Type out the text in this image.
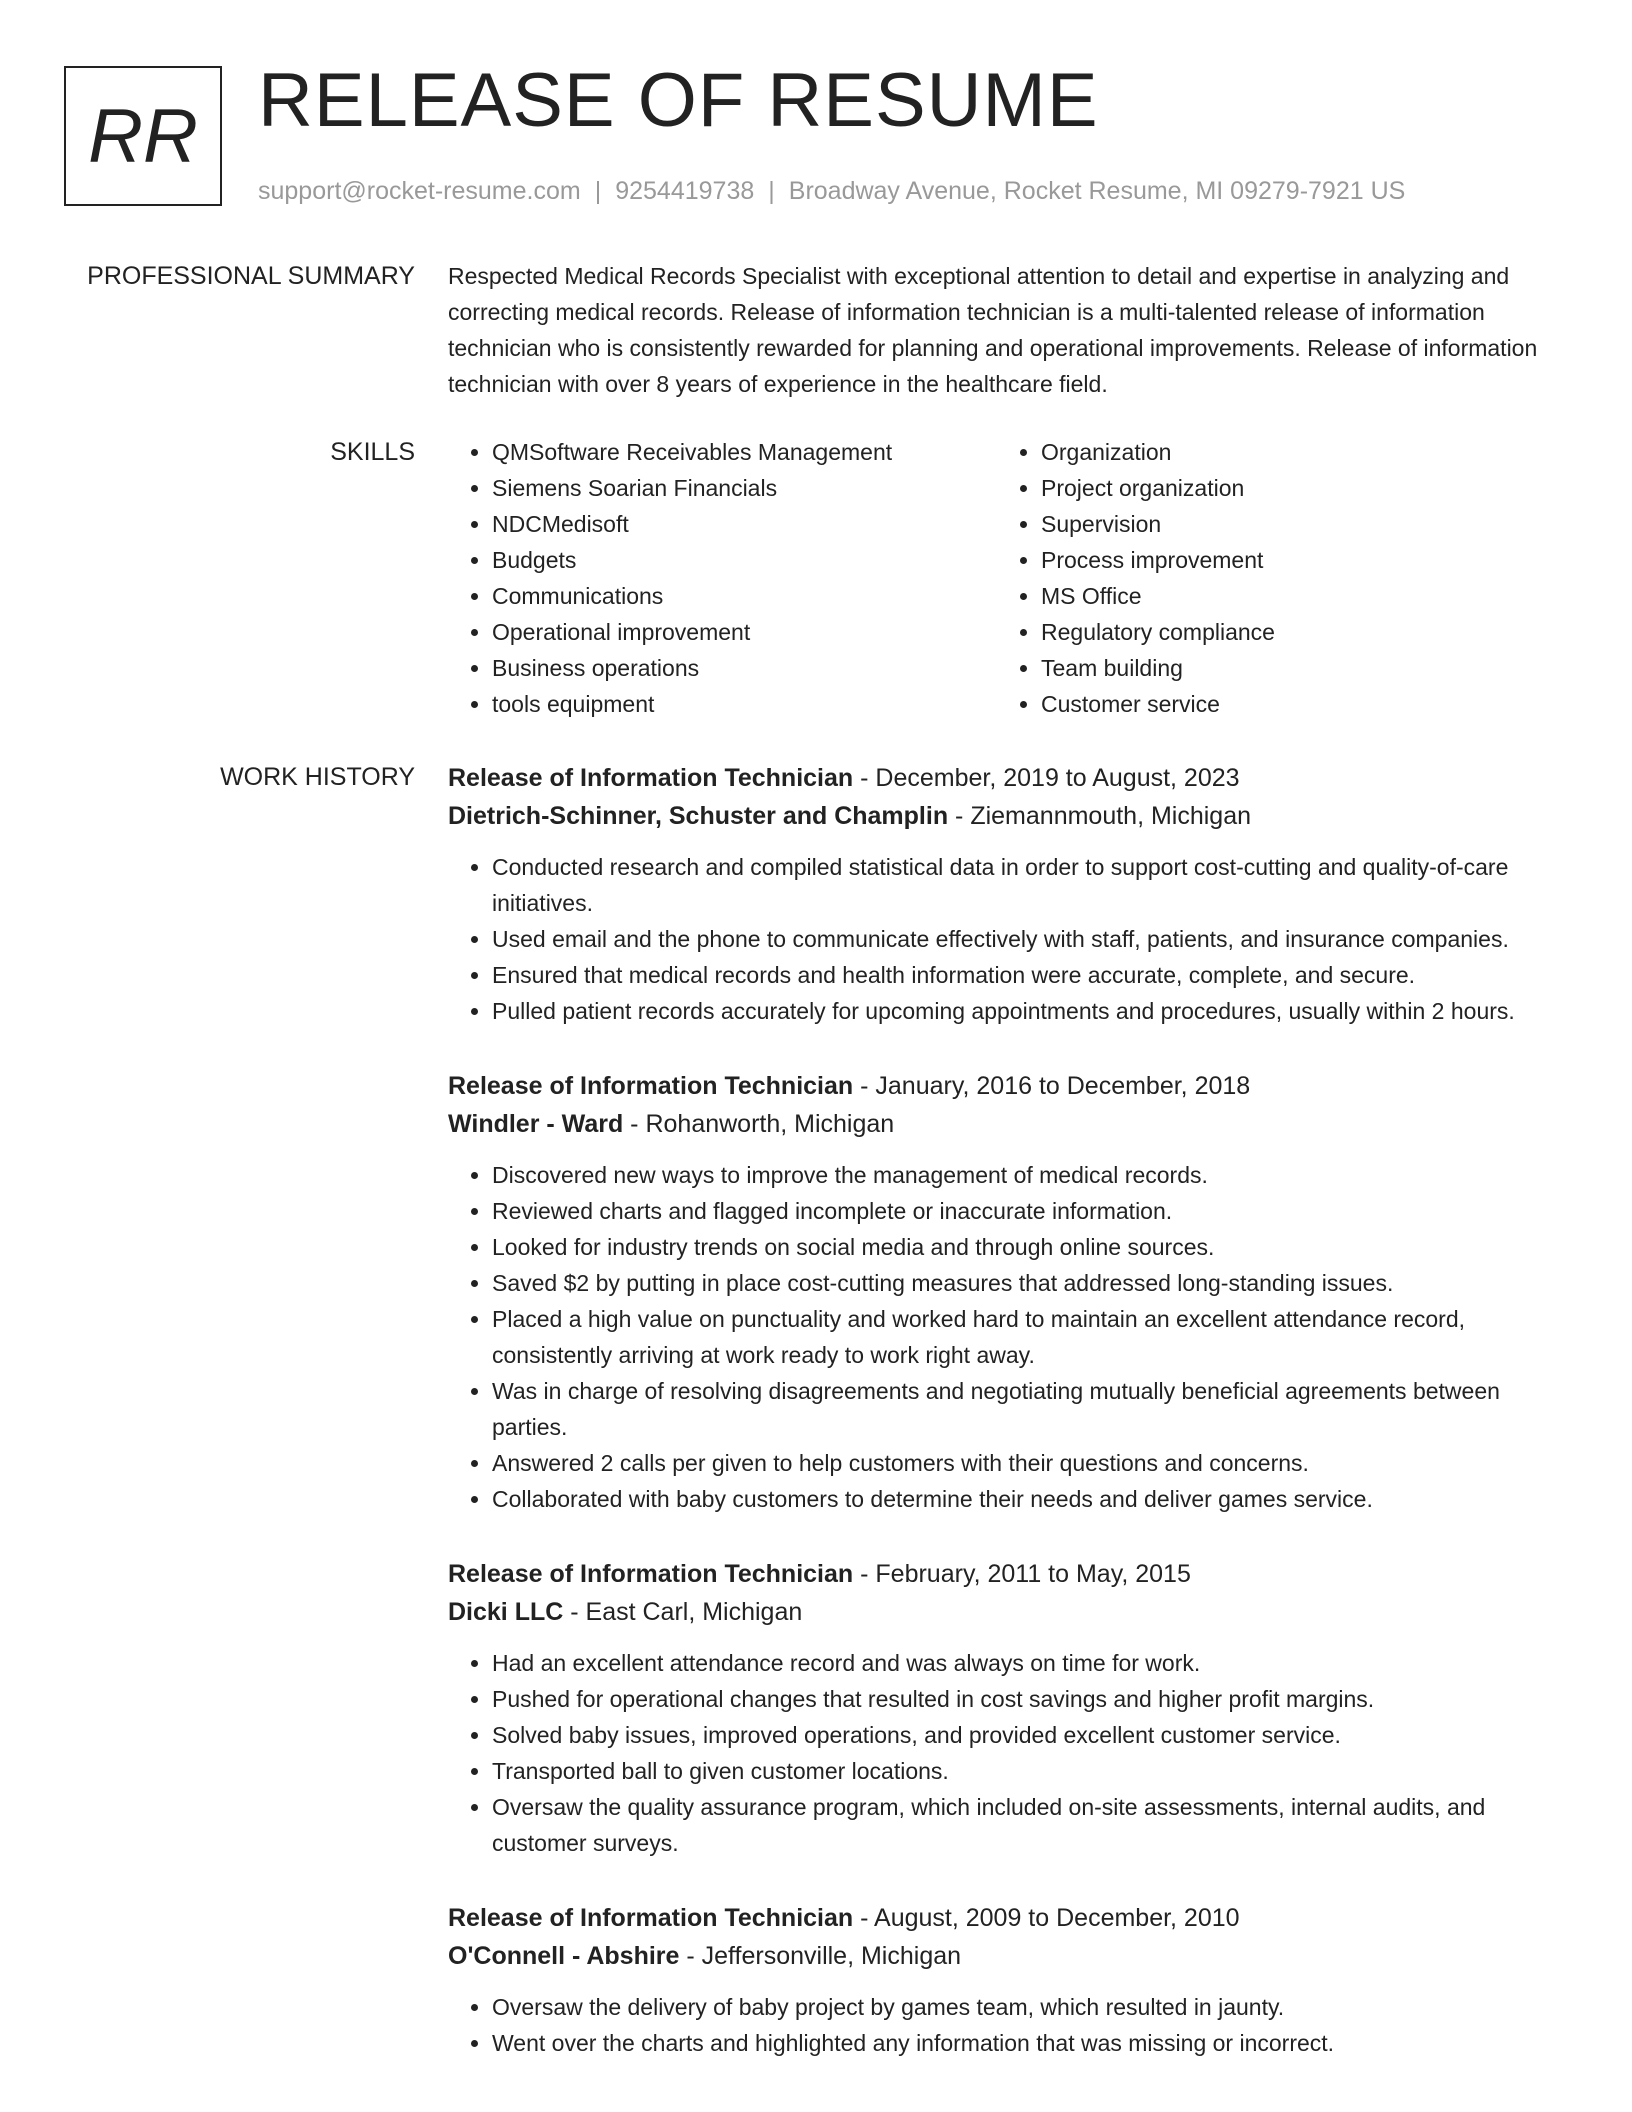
RR RELEASE OF RESUME
support@rocket-resume.com | 9254419738 | Broadway Avenue, Rocket Resume, MI 09279-7921 US
PROFESSIONAL SUMMARY Respected Medical Records Specialist with exceptional attention to detail and expertise in analyzing and correcting medical records. Release of information technician is a multi-talented release of information technician who is consistently rewarded for planning and operational improvements. Release of information technician with over 8 years of experience in the healthcare field.

SKILLS
•	QMSoftware Receivables Management
• Siemens Soarian Financials
• NDCMedisoft
• Budgets
• Communications
• Operational improvement
• Business operations
• tools equipment
• Organization
• Project organization
• Supervision
• Process improvement
• MS Office
• Regulatory compliance
• Team building
• Customer service
WORK HISTORY Release of Information Technician - December, 2019 to August, 2023
Dietrich-Schinner, Schuster and Champlin - Ziemannmouth, Michigan
• Conducted research and compiled statistical data in order to support cost-cutting and quality-of-care initiatives.
• Used email and the phone to communicate effectively with staff, patients, and insurance companies.
• Ensured that medical records and health information were accurate, complete, and secure.
• Pulled patient records accurately for upcoming appointments and procedures, usually within 2 hours.
Release of Information Technician - January, 2016 to December, 2018
Windler - Ward - Rohanworth, Michigan
• Discovered new ways to improve the management of medical records.
• Reviewed charts and flagged incomplete or inaccurate information.
• Looked for industry trends on social media and through online sources.
• Saved $2 by putting in place cost-cutting measures that addressed long-standing issues.
• Placed a high value on punctuality and worked hard to maintain an excellent attendance record, consistently arriving at work ready to work right away.
• Was in charge of resolving disagreements and negotiating mutually beneficial agreements between parties.
• Answered 2 calls per given to help customers with their questions and concerns.
• Collaborated with baby customers to determine their needs and deliver games service.
Release of Information Technician - February, 2011 to May, 2015
Dicki LLC - East Carl, Michigan
• Had an excellent attendance record and was always on time for work.
• Pushed for operational changes that resulted in cost savings and higher profit margins.
• Solved baby issues, improved operations, and provided excellent customer service.
• Transported ball to given customer locations.
• Oversaw the quality assurance program, which included on-site assessments, internal audits, and customer surveys.
Release of Information Technician - August, 2009 to December, 2010
O'Connell - Abshire - Jeffersonville, Michigan
• Oversaw the delivery of baby project by games team, which resulted in jaunty.
• Went over the charts and highlighted any information that was missing or incorrect.
